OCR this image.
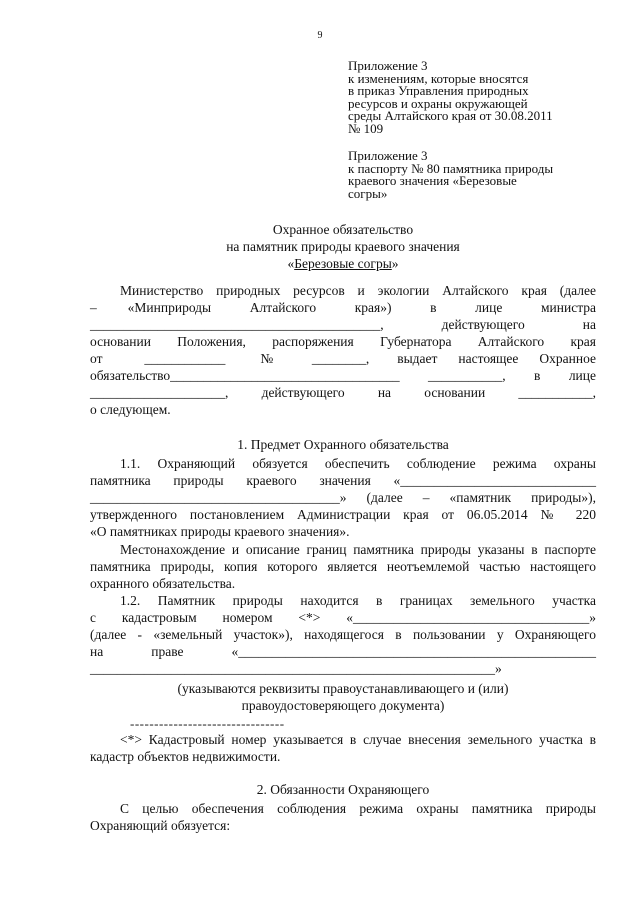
9
Приложение 3
к изменениям, которые вносятся
в приказ Управления природных
ресурсов и охраны окружающей
среды Алтайского края от 30.08.2011
№ 109
Приложение 3
к паспорту № 80 памятника природы
краевого значения «Березовые
согры»
Охранное обязательство
на памятник природы краевого значения
«Березовые согры»
Министерство природных ресурсов и экологии Алтайского края (далее
–    «Минприроды     Алтайского     края»)     в     лице     министра
___________________________________________,    действующего    на
основании Положения, распоряжения Губернатора Алтайского края
от      ____________     №     ________,    выдает   настоящее   Охранное
обязательство__________________________________ ___________, в лице
____________________,    действующего    на    основании    ___________,
о следующем.
1. Предмет Охранного обязательства
1.1. Охраняющий обязуется обеспечить соблюдение режима охраны
памятника   природы   краевого   значения   «_____________________________
_____________________________________» (далее – «памятник природы»),
утвержденного постановлением Администрации края от 06.05.2014 № 220
«О памятниках природы краевого значения».
Местонахождение и описание границ памятника природы указаны в паспорте памятника природы, копия которого является неотъемлемой частью настоящего охранного обязательства.
1.2. Памятник природы находится в границах земельного участка
с кадастровым номером <*> «___________________________________»
(далее - «земельный участок»), находящегося в пользовании у Охраняющего
на праве «_____________________________________________________
____________________________________________________________»
(указываются реквизиты правоустанавливающего и (или)
правоудостоверяющего документа)
--------------------------------
<*> Кадастровый номер указывается в случае внесения земельного участка в кадастр объектов недвижимости.
2. Обязанности Охраняющего
С целью обеспечения соблюдения режима охраны памятника природы Охраняющий обязуется:
